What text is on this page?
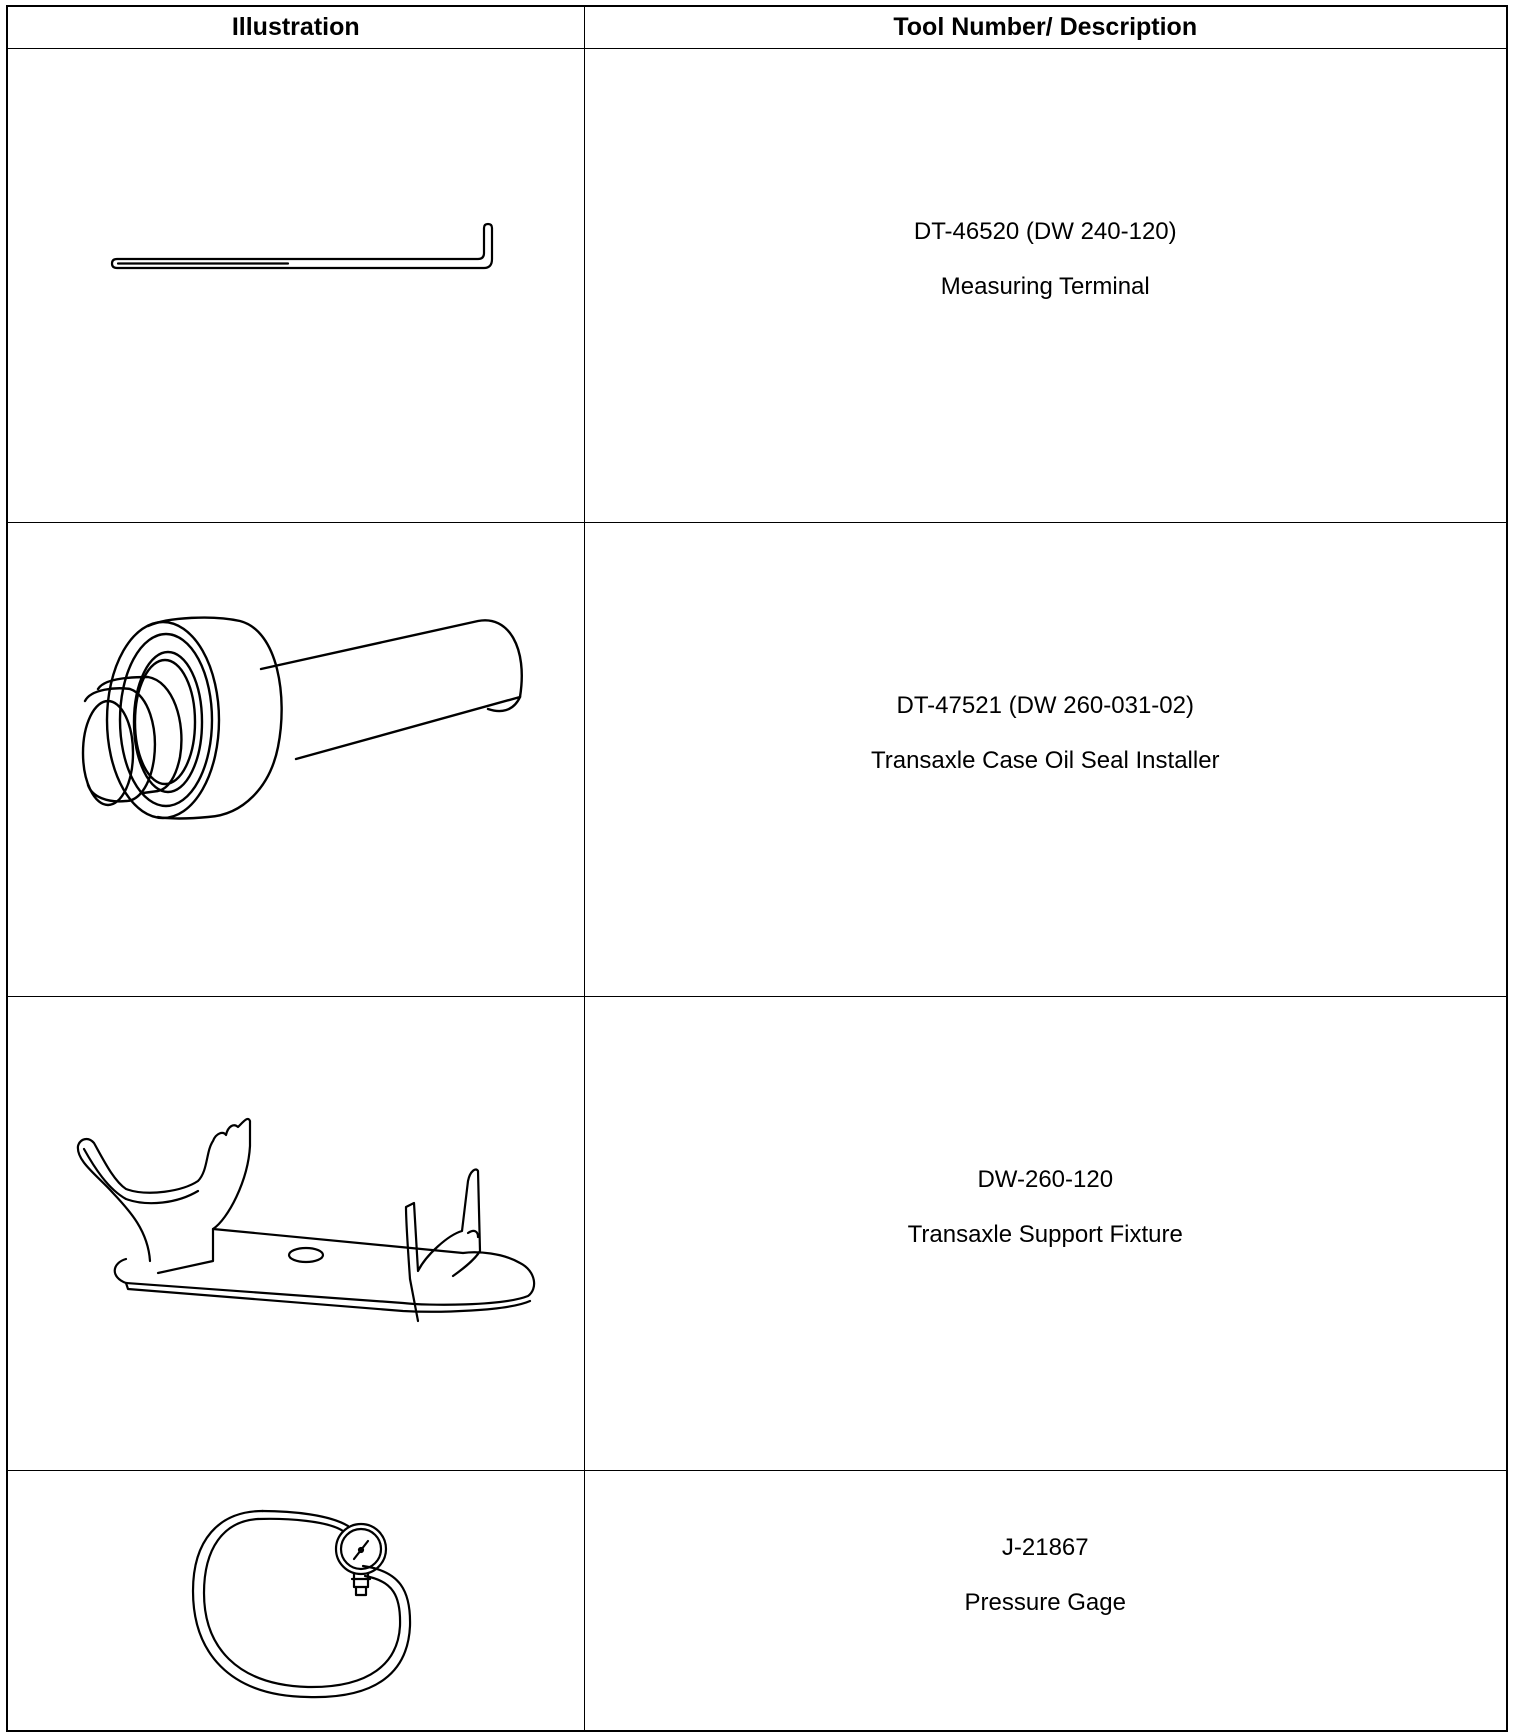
Illustration	Tool Number/ Description

DT-46520 (DW 240-120)
Measuring Terminal

DT-47521 (DW 260-031-02)
Transaxle Case Oil Seal Installer

DW-260-120
Transaxle Support Fixture

J-21867
Pressure Gage
